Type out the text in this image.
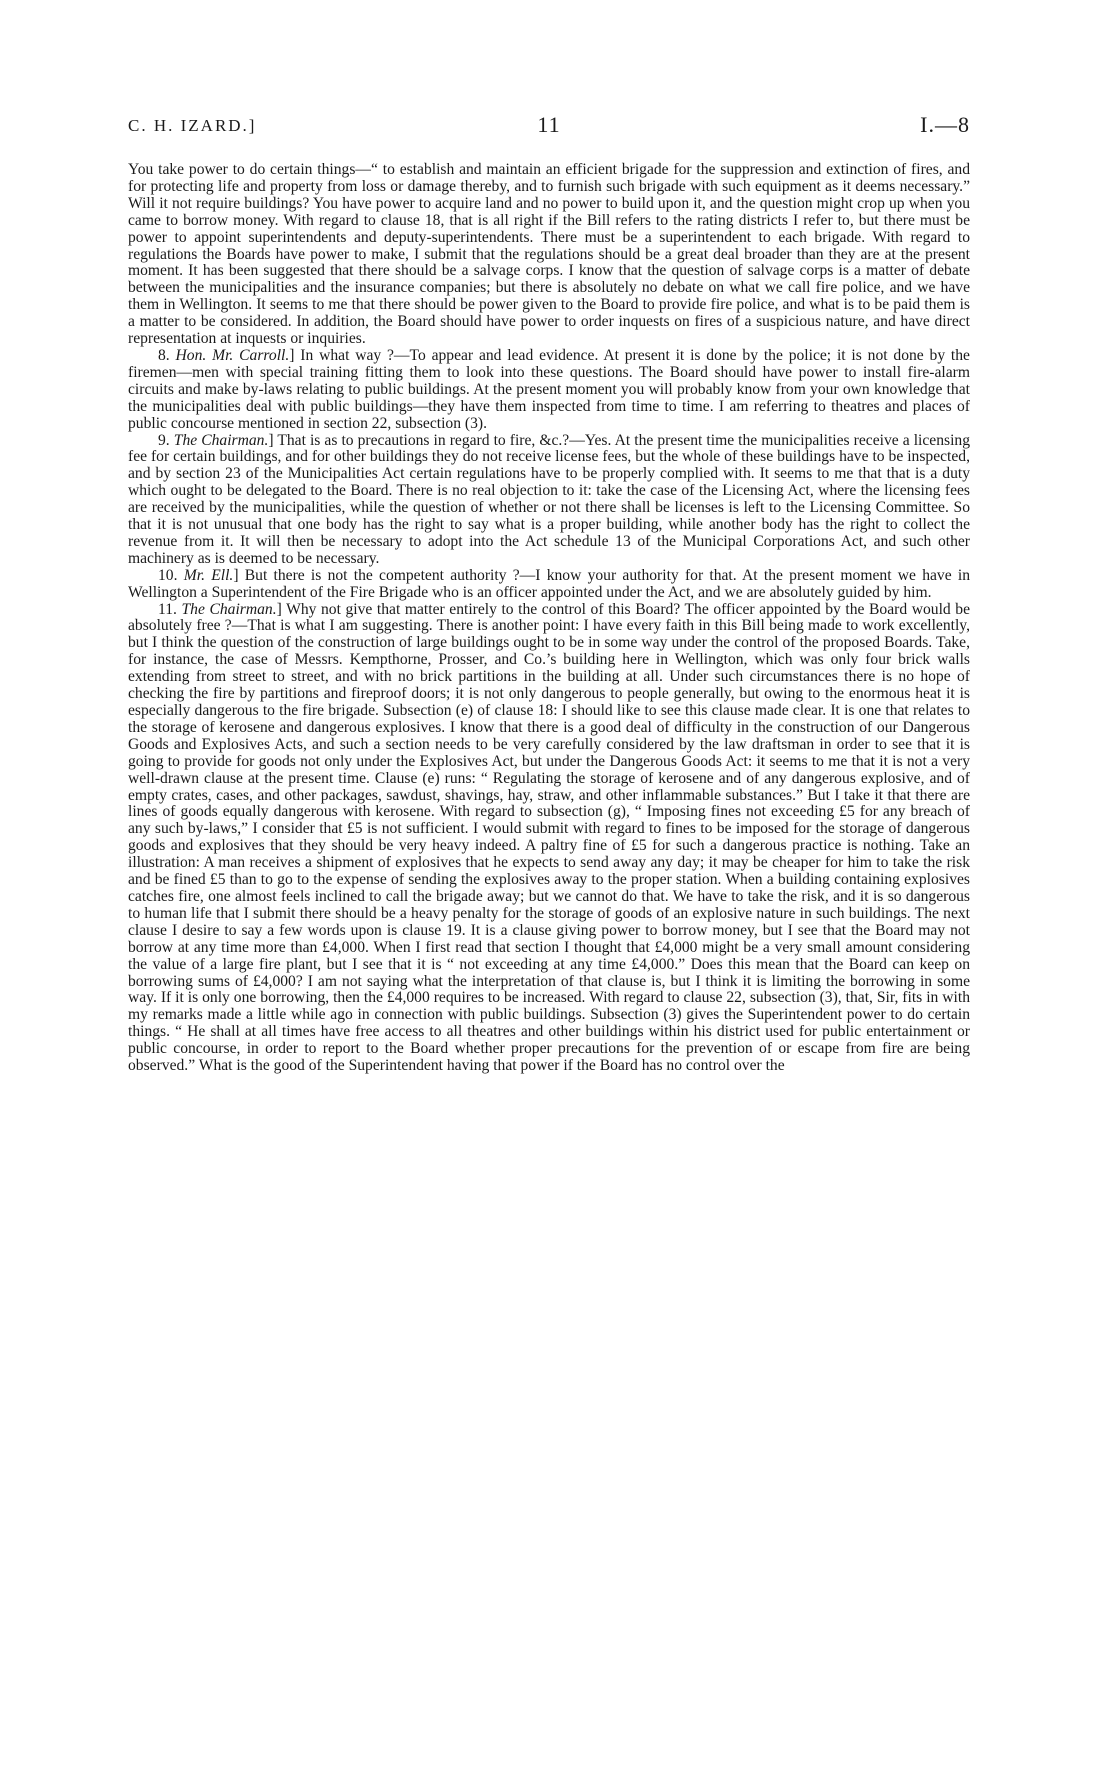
C. H. IZARD.]	11	I.—8

You take power to do certain things—“ to establish and maintain an efficient brigade for the suppression and extinction of fires, and for protecting life and property from loss or damage thereby, and to furnish such brigade with such equipment as it deems necessary.” Will it not require buildings? You have power to acquire land and no power to build upon it, and the question might crop up when you came to borrow money. With regard to clause 18, that is all right if the Bill refers to the rating districts I refer to, but there must be power to appoint superintendents and deputy-superintendents. There must be a superintendent to each brigade. With regard to regulations the Boards have power to make, I submit that the regulations should be a great deal broader than they are at the present moment. It has been suggested that there should be a salvage corps. I know that the question of salvage corps is a matter of debate between the municipalities and the insurance companies; but there is absolutely no debate on what we call fire police, and we have them in Wellington. It seems to me that there should be power given to the Board to provide fire police, and what is to be paid them is a matter to be considered. In addition, the Board should have power to order inquests on fires of a suspicious nature, and have direct representation at inquests or inquiries.

8. Hon. Mr. Carroll.] In what way ?—To appear and lead evidence. At present it is done by the police; it is not done by the firemen—men with special training fitting them to look into these questions. The Board should have power to install fire-alarm circuits and make by-laws relating to public buildings. At the present moment you will probably know from your own knowledge that the municipalities deal with public buildings—they have them inspected from time to time. I am referring to theatres and places of public concourse mentioned in section 22, subsection (3).

9. The Chairman.] That is as to precautions in regard to fire, &c.?—Yes. At the present time the municipalities receive a licensing fee for certain buildings, and for other buildings they do not receive license fees, but the whole of these buildings have to be inspected, and by section 23 of the Municipalities Act certain regulations have to be properly complied with. It seems to me that that is a duty which ought to be delegated to the Board. There is no real objection to it: take the case of the Licensing Act, where the licensing fees are received by the municipalities, while the question of whether or not there shall be licenses is left to the Licensing Committee. So that it is not unusual that one body has the right to say what is a proper building, while another body has the right to collect the revenue from it. It will then be necessary to adopt into the Act schedule 13 of the Municipal Corporations Act, and such other machinery as is deemed to be necessary.

10. Mr. Ell.] But there is not the competent authority ?—I know your authority for that. At the present moment we have in Wellington a Superintendent of the Fire Brigade who is an officer appointed under the Act, and we are absolutely guided by him.

11. The Chairman.] Why not give that matter entirely to the control of this Board? The officer appointed by the Board would be absolutely free ?—That is what I am suggesting. There is another point: I have every faith in this Bill being made to work excellently, but I think the question of the construction of large buildings ought to be in some way under the control of the proposed Boards. Take, for instance, the case of Messrs. Kempthorne, Prosser, and Co.’s building here in Wellington, which was only four brick walls extending from street to street, and with no brick partitions in the building at all. Under such circumstances there is no hope of checking the fire by partitions and fireproof doors; it is not only dangerous to people generally, but owing to the enormous heat it is especially dangerous to the fire brigade. Subsection (e) of clause 18: I should like to see this clause made clear. It is one that relates to the storage of kerosene and dangerous explosives. I know that there is a good deal of difficulty in the construction of our Dangerous Goods and Explosives Acts, and such a section needs to be very carefully considered by the law draftsman in order to see that it is going to provide for goods not only under the Explosives Act, but under the Dangerous Goods Act: it seems to me that it is not a very well-drawn clause at the present time. Clause (e) runs: “ Regulating the storage of kerosene and of any dangerous explosive, and of empty crates, cases, and other packages, sawdust, shavings, hay, straw, and other inflammable substances.” But I take it that there are lines of goods equally dangerous with kerosene. With regard to subsection (g), “ Imposing fines not exceeding £5 for any breach of any such by-laws,” I consider that £5 is not sufficient. I would submit with regard to fines to be imposed for the storage of dangerous goods and explosives that they should be very heavy indeed. A paltry fine of £5 for such a dangerous practice is nothing. Take an illustration: A man receives a shipment of explosives that he expects to send away any day; it may be cheaper for him to take the risk and be fined £5 than to go to the expense of sending the explosives away to the proper station. When a building containing explosives catches fire, one almost feels inclined to call the brigade away; but we cannot do that. We have to take the risk, and it is so dangerous to human life that I submit there should be a heavy penalty for the storage of goods of an explosive nature in such buildings. The next clause I desire to say a few words upon is clause 19. It is a clause giving power to borrow money, but I see that the Board may not borrow at any time more than £4,000. When I first read that section I thought that £4,000 might be a very small amount considering the value of a large fire plant, but I see that it is “ not exceeding at any time £4,000.” Does this mean that the Board can keep on borrowing sums of £4,000? I am not saying what the interpretation of that clause is, but I think it is limiting the borrowing in some way. If it is only one borrowing, then the £4,000 requires to be increased. With regard to clause 22, subsection (3), that, Sir, fits in with my remarks made a little while ago in connection with public buildings. Subsection (3) gives the Superintendent power to do certain things. “ He shall at all times have free access to all theatres and other buildings within his district used for public entertainment or public concourse, in order to report to the Board whether proper precautions for the prevention of or escape from fire are being observed.” What is the good of the Superintendent having that power if the Board has no control over the
